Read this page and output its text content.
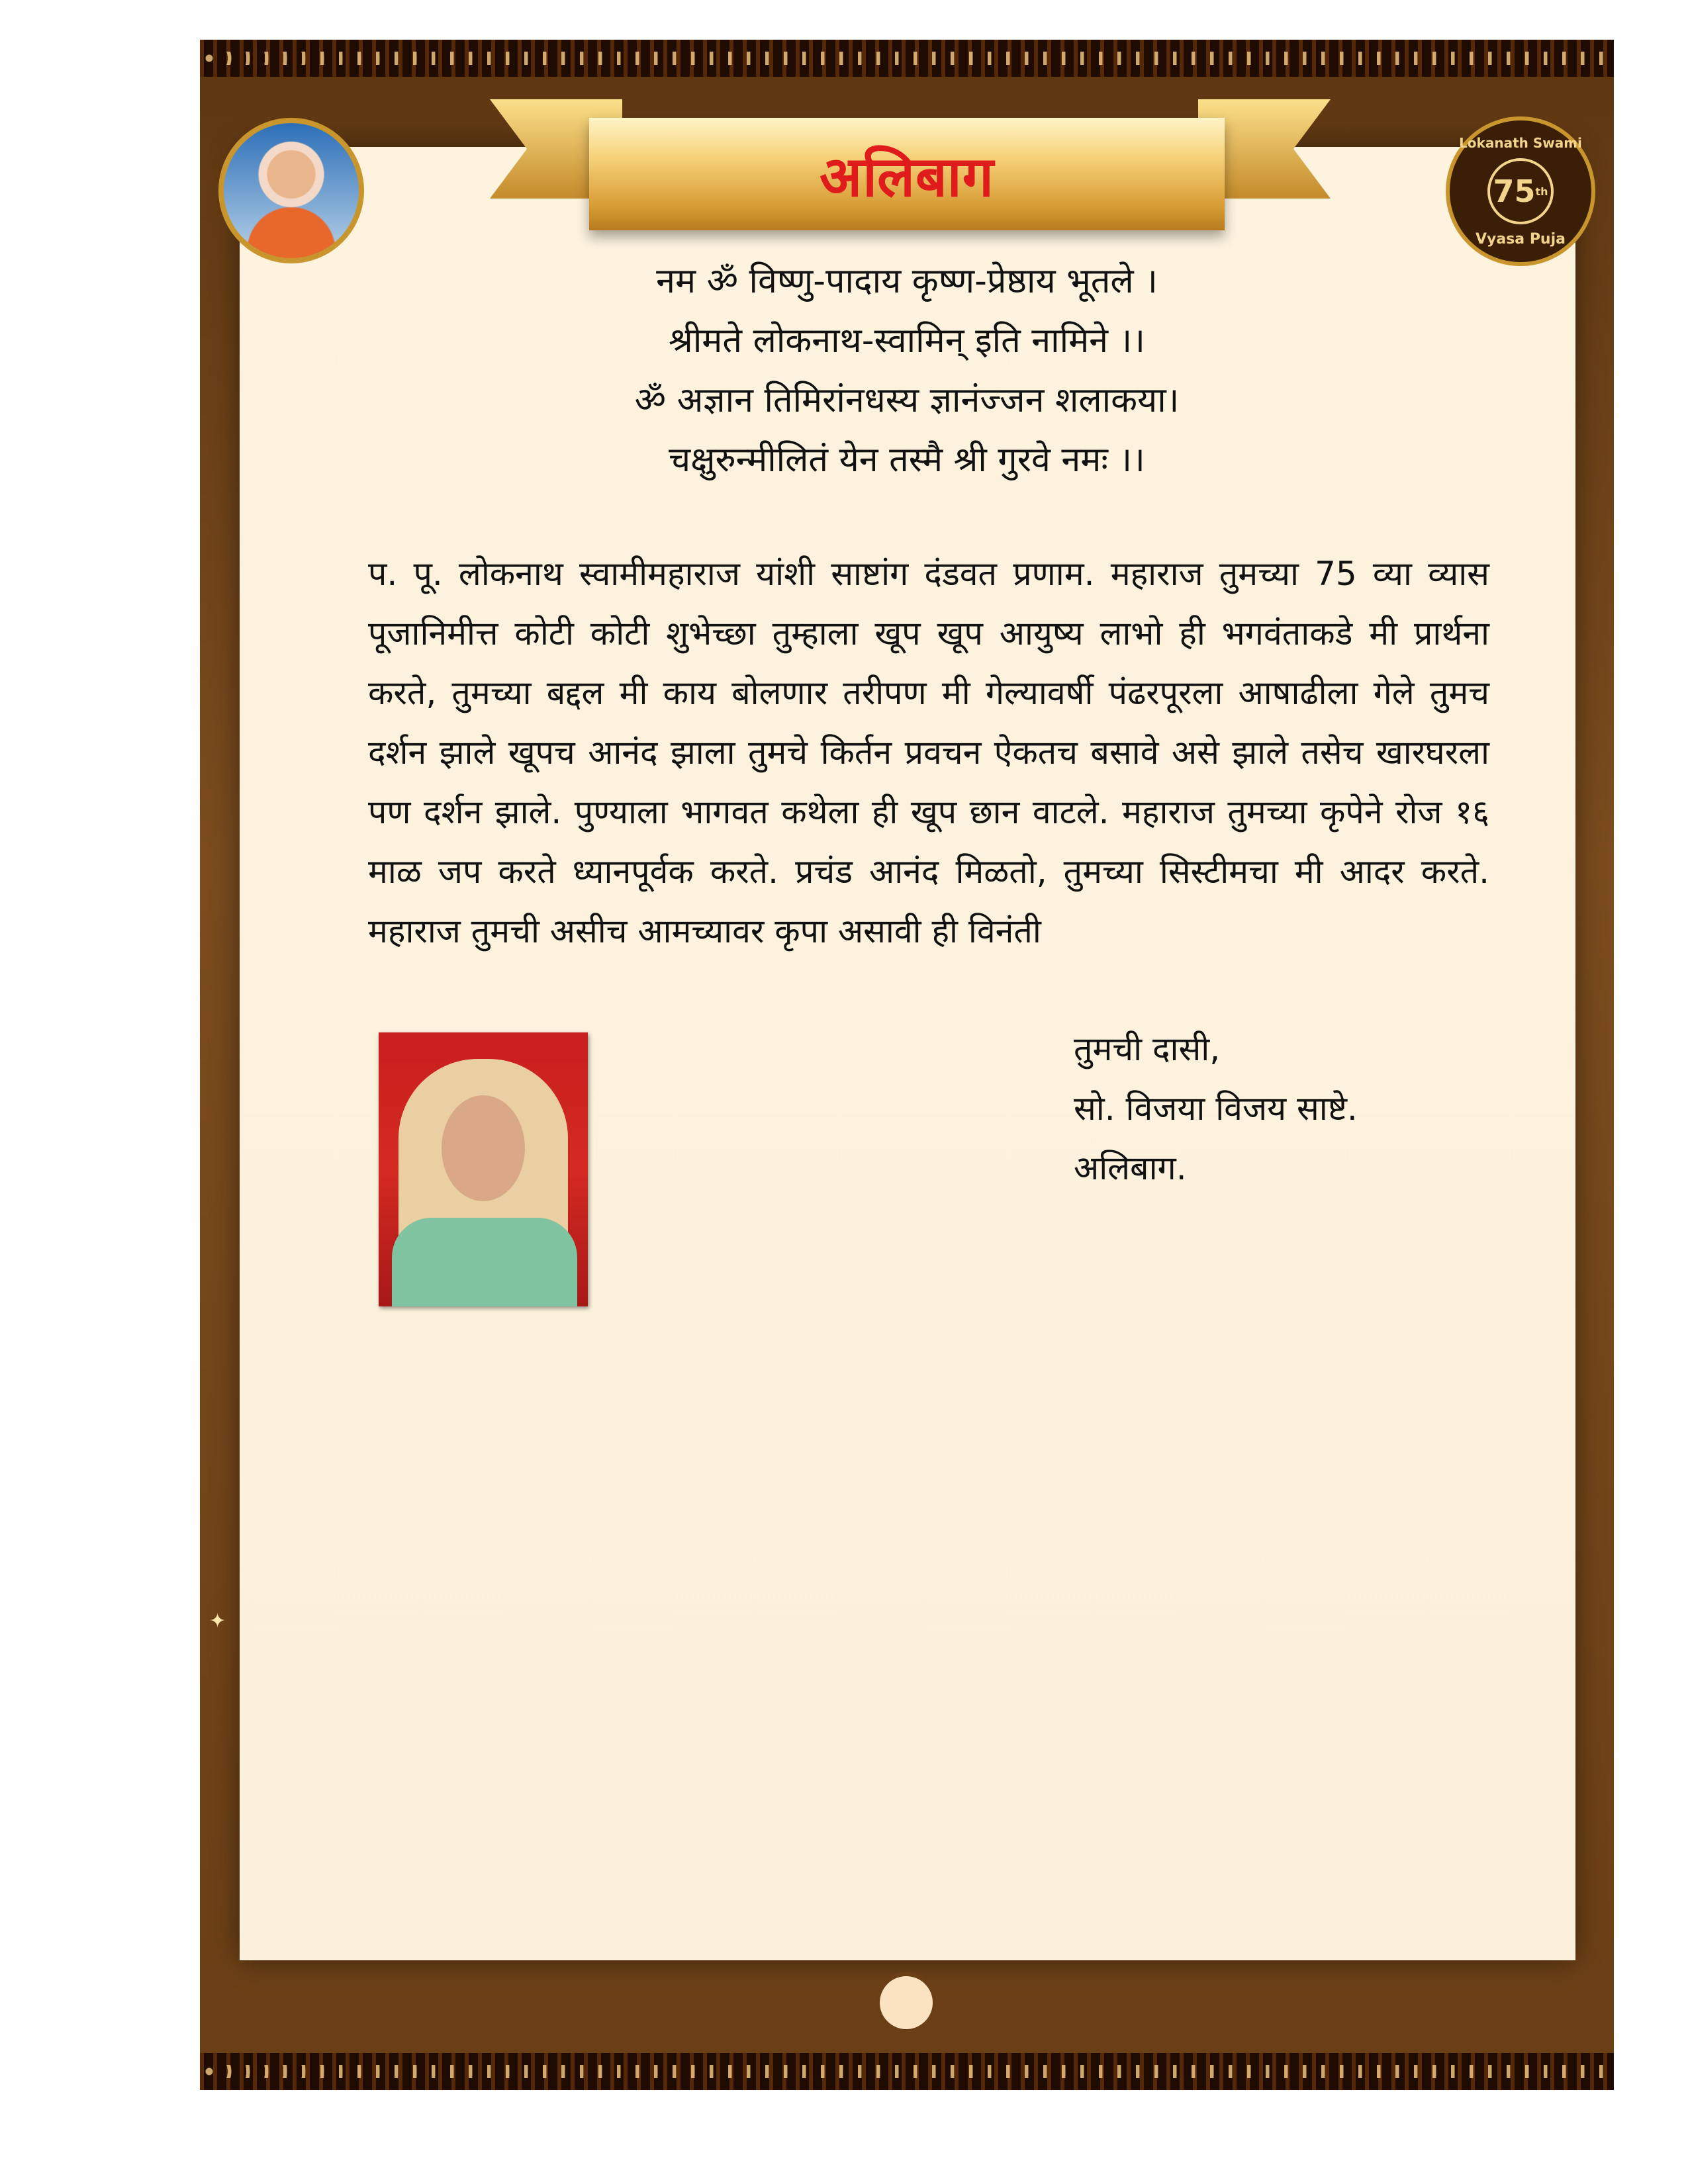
अलिबाग
Lokanath Swami
75 th
Vyasa Puja
नम ॐ विष्णु-पादाय कृष्ण-प्रेष्ठाय भूतले ।
श्रीमते लोकनाथ-स्वामिन् इति नामिने ।।
ॐ अज्ञान तिमिरांनधस्य ज्ञानंज्जन शलाकया।
चक्षुरुन्मीलितं येन तस्मै श्री गुरवे नमः ।।

प. पू. लोकनाथ स्वामीमहाराज यांशी साष्टांग दंडवत प्रणाम. महाराज तुमच्या 75 व्या व्यास पूजानिमीत्त कोटी कोटी शुभेच्छा तुम्हाला खूप खूप आयुष्य लाभो ही भगवंताकडे मी प्रार्थना करते, तुमच्या बद्दल मी काय बोलणार तरीपण मी गेल्यावर्षी पंढरपूरला आषाढीला गेले तुमच दर्शन झाले खूपच आनंद झाला तुमचे किर्तन प्रवचन ऐकतच बसावे असे झाले तसेच खारघरला पण दर्शन झाले. पुण्याला भागवत कथेला ही खूप छान वाटले. महाराज तुमच्या कृपेने रोज १६ माळ जप करते ध्यानपूर्वक करते. प्रचंड आनंद मिळतो, तुमच्या सिस्टीमचा मी आदर करते. महाराज तुमची असीच आमच्यावर कृपा असावी ही विनंती

तुमची दासी,
सो. विजया विजय साष्टे.
अलिबाग.
✦
